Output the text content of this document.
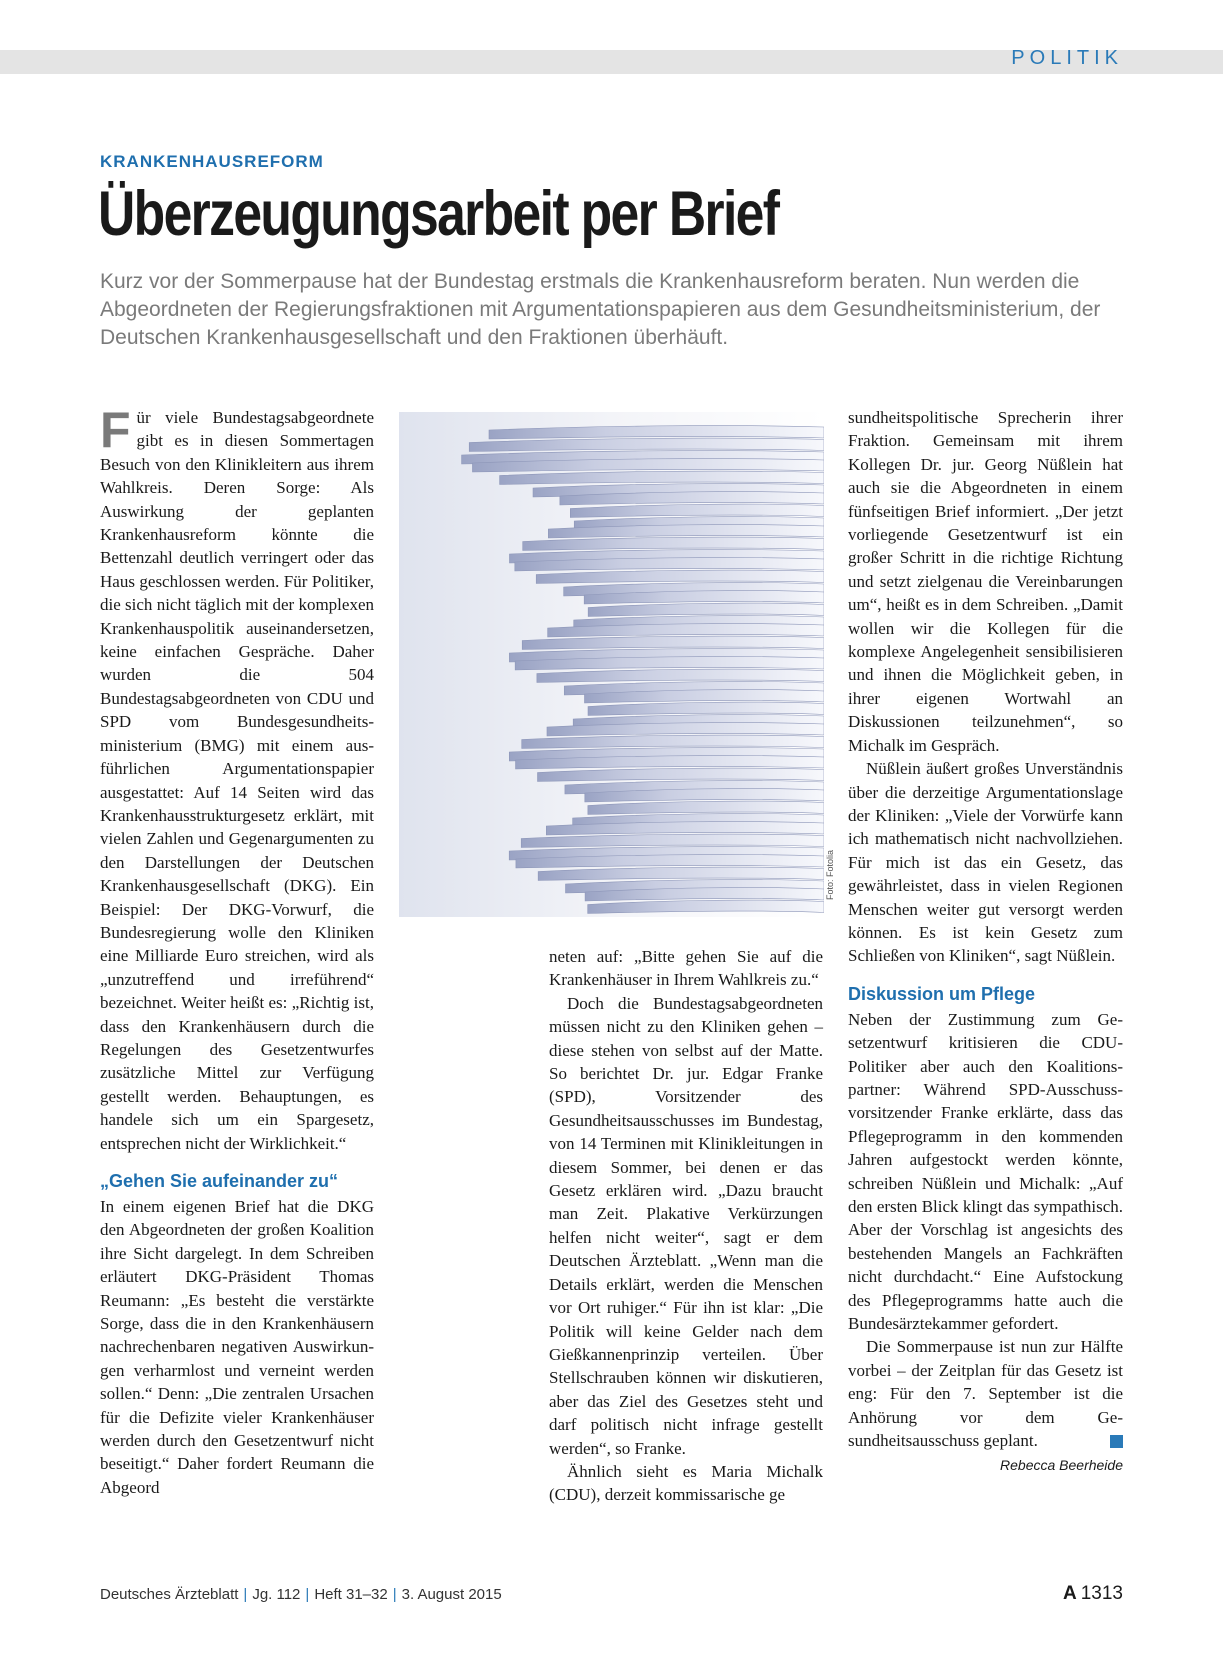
POLITIK
KRANKENHAUSREFORM
Überzeugungsarbeit per Brief

Kurz vor der Sommerpause hat der Bundestag erstmals die Krankenhausreform beraten. Nun werden die Abgeordneten der Regierungsfraktionen mit Argumentationspapieren aus dem Gesundheitsministerium, der Deutschen Krankenhausgesellschaft und den Fraktionen überhäuft.

Für viele Bundestagsabgeordnete gibt es in diesen Sommertagen Besuch von den Klinikleitern aus ihrem Wahlkreis. Deren Sorge: Als Auswirkung der geplanten Krankenhausreform könnte die Bettenzahl deutlich verringert oder das Haus geschlossen werden. Für Politiker, die sich nicht täglich mit der komplexen Krankenhauspolitik auseinandersetzen, keine einfachen Gespräche. Daher wurden die 504 Bundestagsabgeordneten von CDU und SPD vom Bundesgesundheitsministerium (BMG) mit einem ausführlichen Argumentationspapier ausgestattet: Auf 14 Seiten wird das Krankenhausstrukturgesetz erklärt, mit vielen Zahlen und Gegenargumenten zu den Darstellungen der Deutschen Krankenhausgesellschaft (DKG). Ein Beispiel: Der DKG-Vorwurf, die Bundesregierung wolle den Kliniken eine Milliarde Euro streichen, wird als „unzutreffend und irreführend“ bezeichnet. Weiter heißt es: „Richtig ist, dass den Krankenhäusern durch die Regelungen des Gesetzentwurfes zusätzliche Mittel zur Verfügung gestellt werden. Behauptungen, es handele sich um ein Spargesetz, entsprechen nicht der Wirklichkeit.“

„Gehen Sie aufeinander zu“

In einem eigenen Brief hat die DKG den Abgeordneten der großen Koalition ihre Sicht dargelegt. In dem Schreiben erläutert DKG-Präsident Thomas Reumann: „Es besteht die verstärkte Sorge, dass die in den Krankenhäusern nachrechenbaren negativen Auswirkungen verharmlost und verneint werden sollen.“ Denn: „Die zentralen Ursachen für die Defizite vieler Krankenhäuser werden durch den Gesetzentwurf nicht beseitigt.“ Daher fordert Reumann die Abgeord

Foto: Fotolia

neten auf: „Bitte gehen Sie auf die Krankenhäuser in Ihrem Wahlkreis zu.“

Doch die Bundestagsabgeordneten müssen nicht zu den Kliniken gehen – diese stehen von selbst auf der Matte. So berichtet Dr. jur. Edgar Franke (SPD), Vorsitzender des Gesundheitsausschusses im Bundestag, von 14 Terminen mit Klinikleitungen in diesem Sommer, bei denen er das Gesetz erklären wird. „Dazu braucht man Zeit. Plakative Verkürzungen helfen nicht weiter“, sagt er dem Deutschen Ärzteblatt. „Wenn man die Details erklärt, werden die Menschen vor Ort ruhiger.“ Für ihn ist klar: „Die Politik will keine Gelder nach dem Gießkannenprinzip verteilen. Über Stellschrauben können wir diskutieren, aber das Ziel des Gesetzes steht und darf politisch nicht infrage gestellt werden“, so Franke.

Ähnlich sieht es Maria Michalk (CDU), derzeit kommissarische ge

sundheitspolitische Sprecherin ihrer Fraktion. Gemeinsam mit ihrem Kollegen Dr. jur. Georg Nüßlein hat auch sie die Abgeordneten in einem fünfseitigen Brief informiert. „Der jetzt vorliegende Gesetzentwurf ist ein großer Schritt in die richtige Richtung und setzt zielgenau die Vereinbarungen um“, heißt es in dem Schreiben. „Damit wollen wir die Kollegen für die komplexe Angelegenheit sensibilisieren und ihnen die Möglichkeit geben, in ihrer eigenen Wortwahl an Diskussionen teilzunehmen“, so Michalk im Gespräch.

Nüßlein äußert großes Unverständnis über die derzeitige Argumentationslage der Kliniken: „Viele der Vorwürfe kann ich mathematisch nicht nachvollziehen. Für mich ist das ein Gesetz, das gewährleistet, dass in vielen Regionen Menschen weiter gut versorgt werden können. Es ist kein Gesetz zum Schließen von Kliniken“, sagt Nüßlein.

Diskussion um Pflege

Neben der Zustimmung zum Gesetzentwurf kritisieren die CDU-Politiker aber auch den Koalitionspartner: Während SPD-Ausschussvorsitzender Franke erklärte, dass das Pflegeprogramm in den kommenden Jahren aufgestockt werden könnte, schreiben Nüßlein und Michalk: „Auf den ersten Blick klingt das sympathisch. Aber der Vorschlag ist angesichts des bestehenden Mangels an Fachkräften nicht durchdacht.“ Eine Aufstockung des Pflegeprogramms hatte auch die Bundesärztekammer gefordert.

Die Sommerpause ist nun zur Hälfte vorbei – der Zeitplan für das Gesetz ist eng: Für den 7. September ist die Anhörung vor dem Gesundheitsausschuss geplant.

Rebecca Beerheide
Deutsches Ärzteblatt | Jg. 112 | Heft 31–32 | 3. August 2015	A 1313
